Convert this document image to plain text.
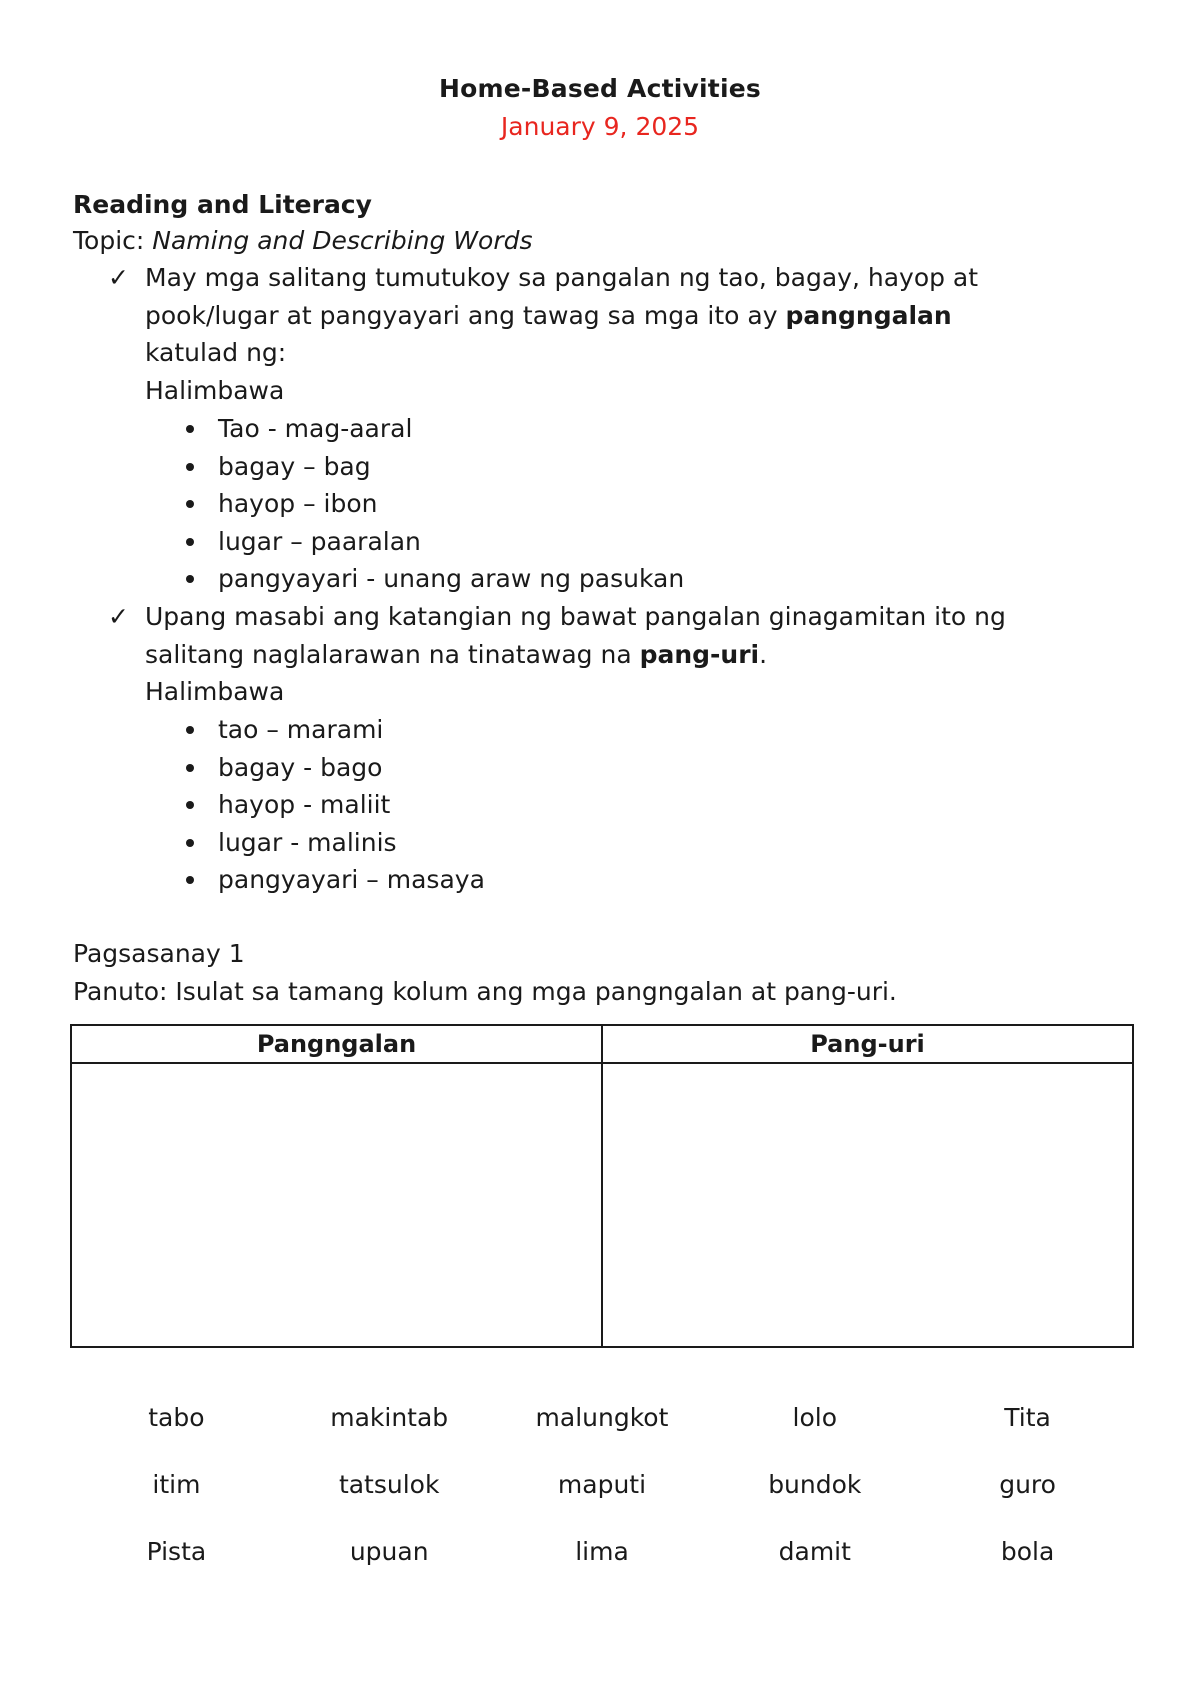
Home-Based Activities
January 9, 2025
Reading and Literacy
Topic: Naming and Describing Words
✓ May mga salitang tumutukoy sa pangalan ng tao, bagay, hayop at

pook/lugar at pangyayari ang tawag sa mga ito ay pangngalan

katulad ng:

Halimbawa
Tao - mag-aaral
bagay – bag
hayop – ibon
lugar – paaralan
pangyayari - unang araw ng pasukan
✓ Upang masabi ang katangian ng bawat pangalan ginagamitan ito ng

salitang naglalarawan na tinatawag na pang-uri.

Halimbawa
tao – marami
bagay - bago
hayop - maliit
lugar - malinis
pangyayari – masaya
Pagsasanay 1
Panuto: Isulat sa tamang kolum ang mga pangngalan at pang-uri.
Pangngalan	Pang-uri

tabo	makintab	malungkot	lolo	Tita
itim	tatsulok	maputi	bundok	guro
Pista	upuan	lima	damit	bola
